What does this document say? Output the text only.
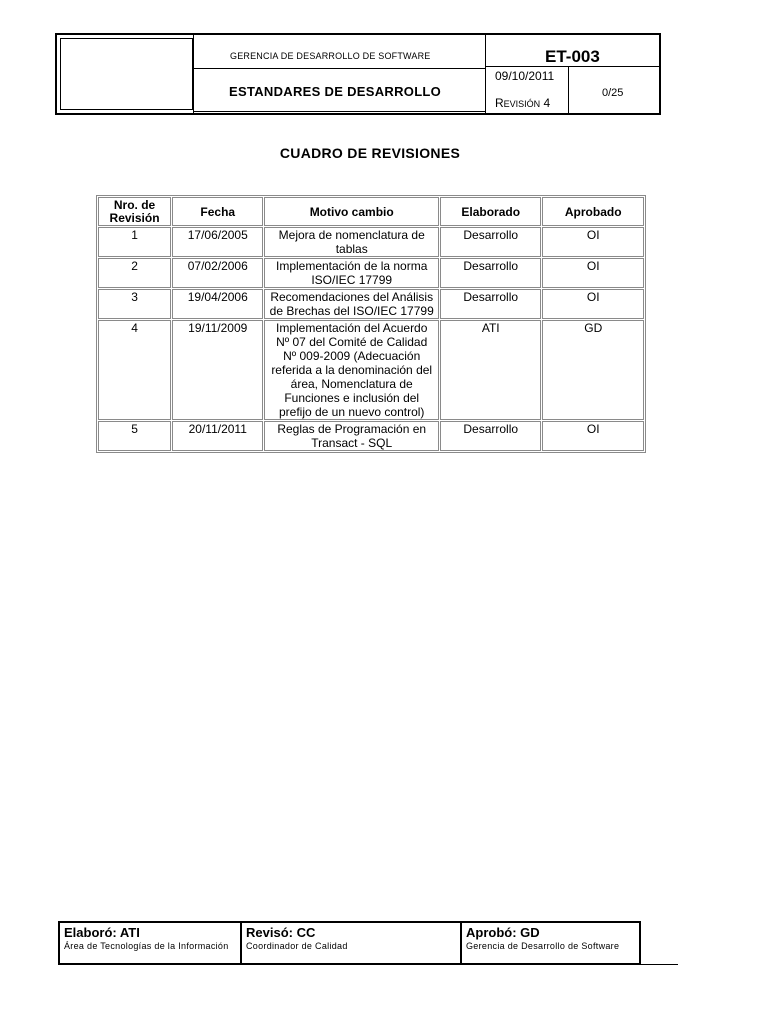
GERENCIA DE DESARROLLO DE SOFTWARE
ESTANDARES DE DESARROLLO
ET-003
09/10/2011
REVISIÓN 4
0/25
CUADRO DE REVISIONES
Nro. de Revisión	Fecha	Motivo cambio	Elaborado	Aprobado
1	17/06/2005	Mejora de nomenclatura de tablas	Desarrollo	OI
2	07/02/2006	Implementación de la norma ISO/IEC 17799	Desarrollo	OI
3	19/04/2006	Recomendaciones del Análisis de Brechas del ISO/IEC 17799	Desarrollo	OI
4	19/11/2009	Implementación del Acuerdo Nº 07 del Comité de Calidad Nº 009-2009 (Adecuación referida a la denominación del área, Nomenclatura de Funciones e inclusión del prefijo de un nuevo control)	ATI	GD
5	20/11/2011	Reglas de Programación en Transact - SQL	Desarrollo	OI
Elaboró: ATI
Área de Tecnologías de la Información
Revisó: CC
Coordinador de Calidad
Aprobó: GD
Gerencia de Desarrollo de Software
